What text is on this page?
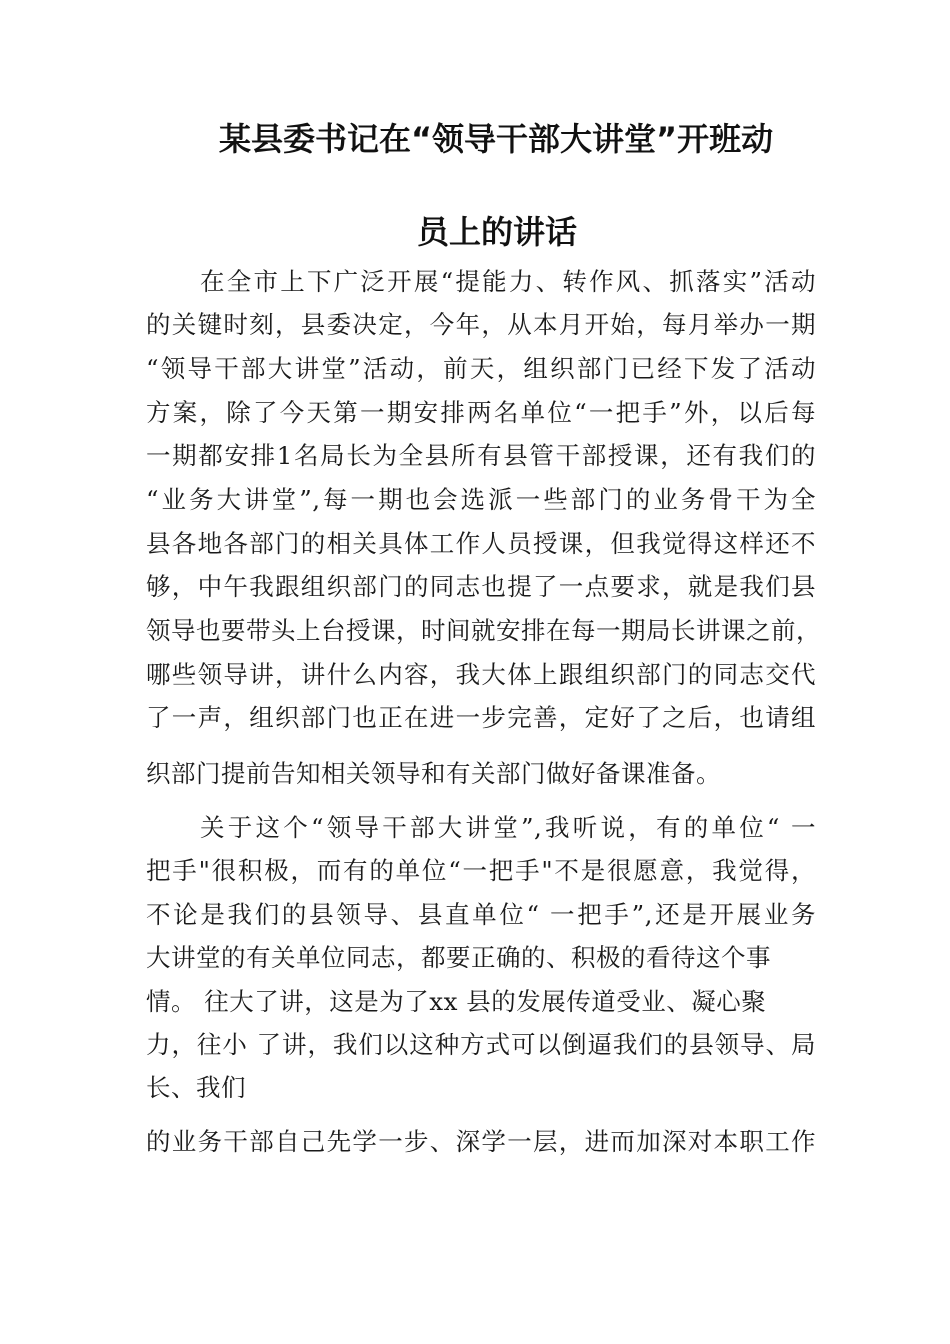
某县委书记在“领导干部大讲堂”开班动
员上的讲话
在全市上下广泛开展“提能力、转作风、抓落实”活动
的关键时刻，县委决定，今年，从本月开始，每月举办一期
“领导干部大讲堂”活动，前天，组织部门已经下发了活动
方案，除了今天第一期安排两名单位“一把手”外，以后每
一期都安排1名局长为全县所有县管干部授课，还有我们的
“业务大讲堂”,每一期也会选派一些部门的业务骨干为全
县各地各部门的相关具体工作人员授课，但我觉得这样还不
够，中午我跟组织部门的同志也提了一点要求，就是我们县
领导也要带头上台授课，时间就安排在每一期局长讲课之前，
哪些领导讲，讲什么内容，我大体上跟组织部门的同志交代
了一声，组织部门也正在进一步完善，定好了之后，也请组
织部门提前告知相关领导和有关部门做好备课准备。
关于这个“领导干部大讲堂”,我听说，有的单位“ 一
把手"很积极，而有的单位“一把手"不是很愿意，我觉得，
不论是我们的县领导、县直单位“ 一把手”,还是开展业务
大讲堂的有关单位同志，都要正确的、积极的看待这个事
情。 往大了讲，这是为了xx 县的发展传道受业、凝心聚
力，往小 了讲，我们以这种方式可以倒逼我们的县领导、局
长、我们
的业务干部自己先学一步、深学一层，进而加深对本职工作
